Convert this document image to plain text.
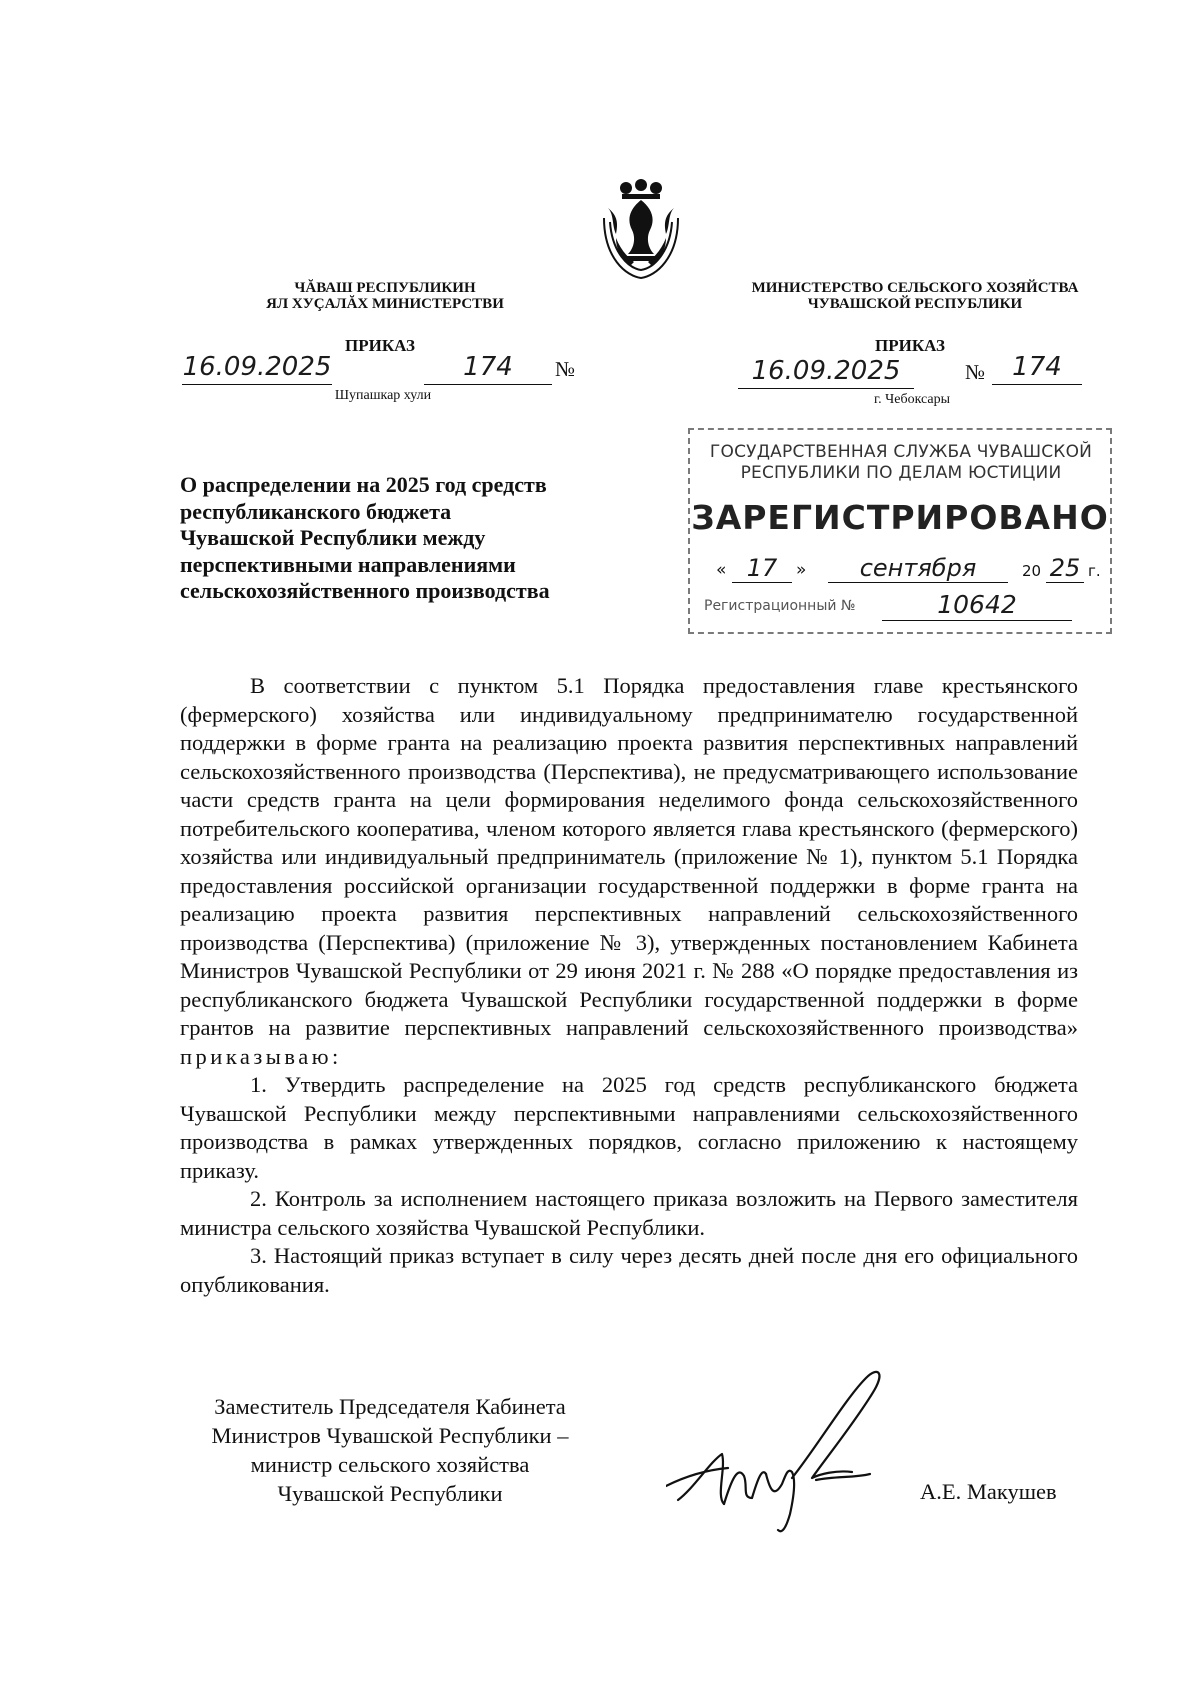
ЧĂВАШ РЕСПУБЛИКИН
ЯЛ ХУÇАЛĂХ МИНИСТЕРСТВИ
ПРИКАЗ
16.09.2025	174	№
Шупашкар хули
МИНИСТЕРСТВО СЕЛЬСКОГО ХОЗЯЙСТВА
ЧУВАШСКОЙ РЕСПУБЛИКИ
ПРИКАЗ
16.09.2025	№	174
г. Чебоксары
О распределении на 2025 год средств
республиканского бюджета
Чувашской Республики между
перспективными направлениями
сельскохозяйственного производства
ГОСУДАРСТВЕННАЯ СЛУЖБА ЧУВАШСКОЙ
РЕСПУБЛИКИ ПО ДЕЛАМ ЮСТИЦИИ
ЗАРЕГИСТРИРОВАНО
« 17	»	сентября	20 25 г.
Регистрационный №	10642

В соответствии с пунктом 5.1 Порядка предоставления главе крестьянского (фермерского) хозяйства или индивидуальному предпринимателю государственной поддержки в форме гранта на реализацию проекта развития перспективных направлений сельскохозяйственного производства (Перспектива), не предусматривающего использование части средств гранта на цели формирования неделимого фонда сельскохозяйственного потребительского кооператива, членом которого является глава крестьянского (фермерского) хозяйства или индивидуальный предприниматель (приложение № 1), пунктом 5.1 Порядка предоставления российской организации государственной поддержки в форме гранта на реализацию проекта развития перспективных направлений сельскохозяйственного производства (Перспектива) (приложение № 3), утвержденных постановлением Кабинета Министров Чувашской Республики от 29 июня 2021 г. № 288 «О порядке предоставления из республиканского бюджета Чувашской Республики государственной поддержки в форме грантов на развитие перспективных направлений сельскохозяйственного производства» приказываю:

1. Утвердить распределение на 2025 год средств республиканского бюджета Чувашской Республики между перспективными направлениями сельскохозяйственного производства в рамках утвержденных порядков, согласно приложению к настоящему приказу.

2. Контроль за исполнением настоящего приказа возложить на Первого заместителя министра сельского хозяйства Чувашской Республики.

3. Настоящий приказ вступает в силу через десять дней после дня его официального опубликования.

Заместитель Председателя Кабинета
Министров Чувашской Республики –
министр сельского хозяйства
Чувашской Республики	А.Е. Макушев
